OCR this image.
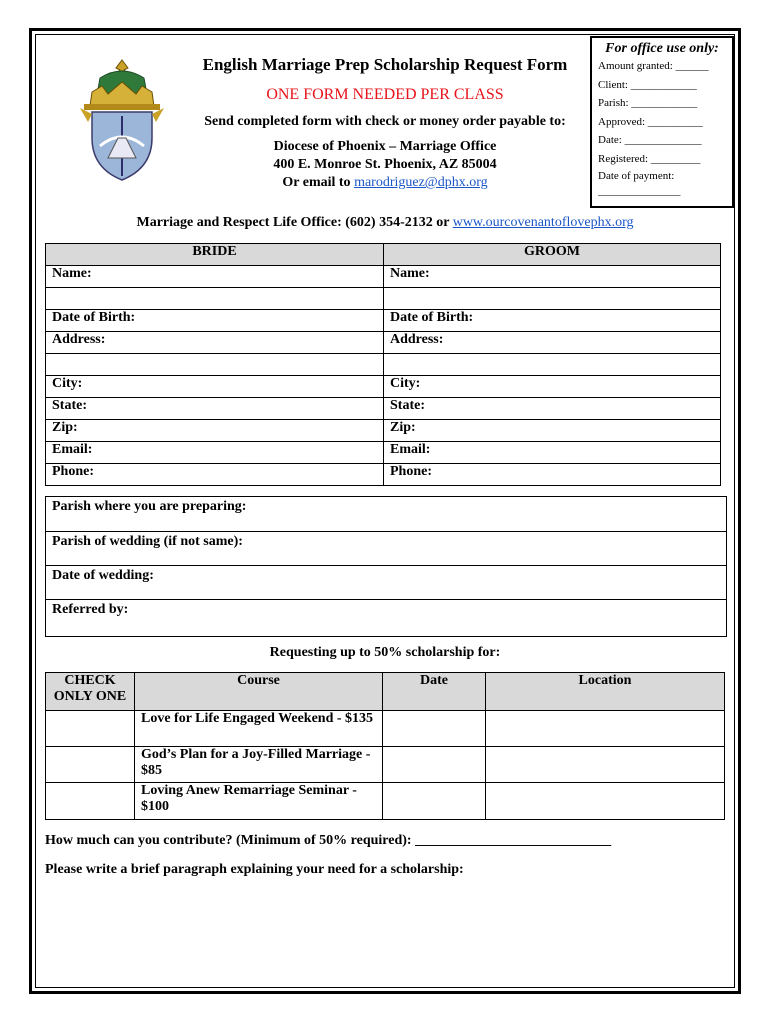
English Marriage Prep Scholarship Request Form
ONE FORM NEEDED PER CLASS
Send completed form with check or money order payable to:
Diocese of Phoenix – Marriage Office
400 E. Monroe St. Phoenix, AZ 85004
Or email to marodriguez@dphx.org
For office use only:
Amount granted: ______
Client: ____________
Parish: ____________
Approved: __________
Date: ______________
Registered: _________
Date of payment:
_______________
Marriage and Respect Life Office: (602) 354-2132 or www.ourcovenantoflovephx.org
BRIDE	GROOM
Name:	Name:

Date of Birth:	Date of Birth:
Address:	Address:

City:	City:
State:	State:
Zip:	Zip:
Email:	Email:
Phone:	Phone:
Parish where you are preparing:
Parish of wedding (if not same):
Date of wedding:
Referred by:
Requesting up to 50% scholarship for:
CHECK ONLY ONE	Course	Date	Location
	Love for Life Engaged Weekend - $135		
	God’s Plan for a Joy-Filled Marriage - $85		
	Loving Anew Remarriage Seminar - $100		
How much can you contribute? (Minimum of 50% required): ____________________________
Please write a brief paragraph explaining your need for a scholarship:
